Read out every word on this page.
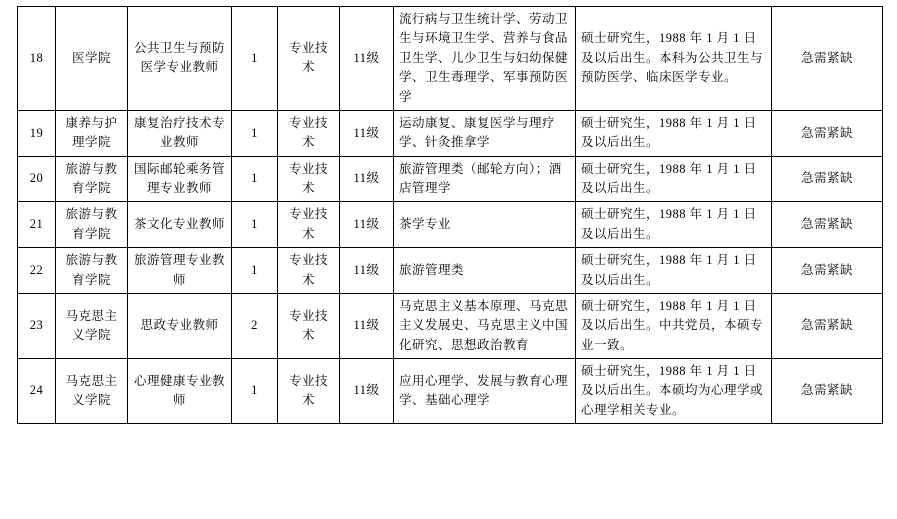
18	医学院	公共卫生与预防医学专业教师	1	专业技术	11级	流行病与卫生统计学、劳动卫生与环境卫生学、营养与食品卫生学、儿少卫生与妇幼保健学、卫生毒理学、军事预防医学	硕士研究生，1988 年 1 月 1 日及以后出生。本科为公共卫生与预防医学、临床医学专业。	急需紧缺
19	康养与护理学院	康复治疗技术专业教师	1	专业技术	11级	运动康复、康复医学与理疗学、针灸推拿学	硕士研究生，1988 年 1 月 1 日及以后出生。	急需紧缺
20	旅游与教育学院	国际邮轮乘务管理专业教师	1	专业技术	11级	旅游管理类（邮轮方向）；酒店管理学	硕士研究生，1988 年 1 月 1 日及以后出生。	急需紧缺
21	旅游与教育学院	茶文化专业教师	1	专业技术	11级	茶学专业	硕士研究生，1988 年 1 月 1 日及以后出生。	急需紧缺
22	旅游与教育学院	旅游管理专业教师	1	专业技术	11级	旅游管理类	硕士研究生，1988 年 1 月 1 日及以后出生。	急需紧缺
23	马克思主义学院	思政专业教师	2	专业技术	11级	马克思主义基本原理、马克思主义发展史、马克思主义中国化研究、思想政治教育	硕士研究生，1988 年 1 月 1 日及以后出生。中共党员，本硕专业一致。	急需紧缺
24	马克思主义学院	心理健康专业教师	1	专业技术	11级	应用心理学、发展与教育心理学、基础心理学	硕士研究生，1988 年 1 月 1 日及以后出生。本硕均为心理学或心理学相关专业。	急需紧缺
